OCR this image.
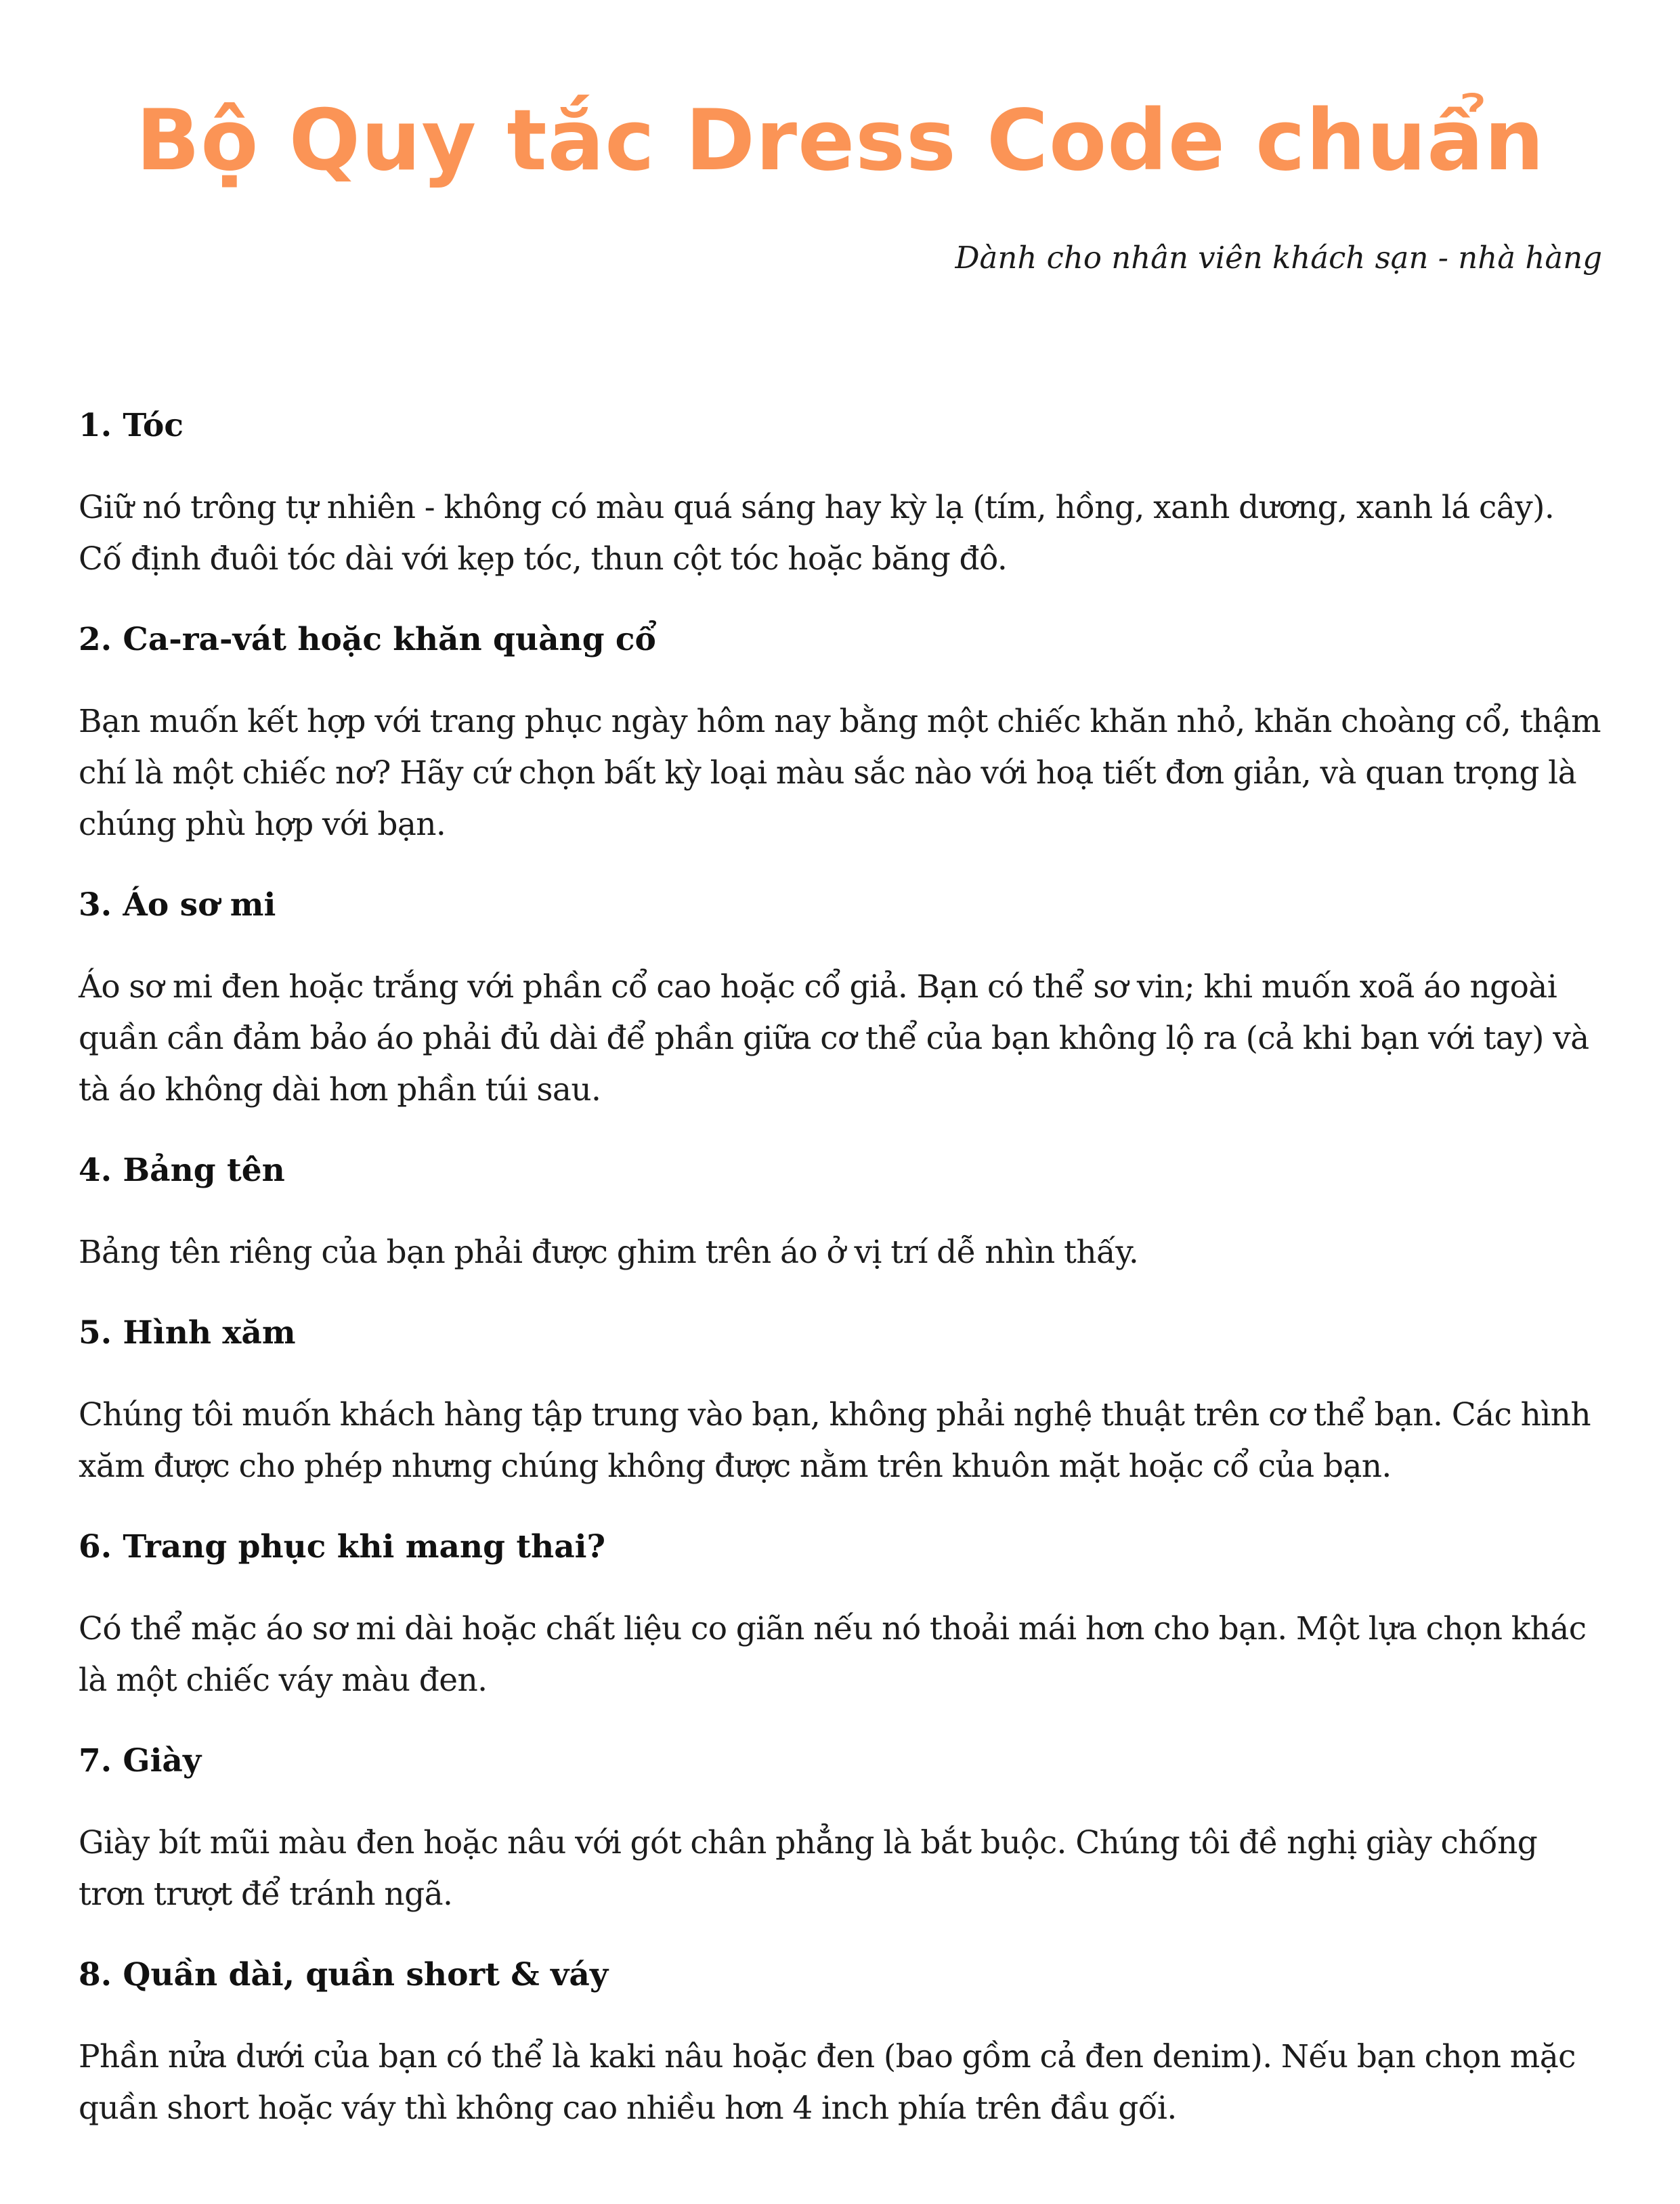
Bộ Quy tắc Dress Code chuẩn
Dành cho nhân viên khách sạn - nhà hàng
1. Tóc

Giữ nó trông tự nhiên - không có màu quá sáng hay kỳ lạ (tím, hồng, xanh dương, xanh lá cây). Cố định đuôi tóc dài với kẹp tóc, thun cột tóc hoặc băng đô.

2. Ca-ra-vát hoặc khăn quàng cổ

Bạn muốn kết hợp với trang phục ngày hôm nay bằng một chiếc khăn nhỏ, khăn choàng cổ, thậm chí là một chiếc nơ? Hãy cứ chọn bất kỳ loại màu sắc nào với hoạ tiết đơn giản, và quan trọng là chúng phù hợp với bạn.

3. Áo sơ mi

Áo sơ mi đen hoặc trắng với phần cổ cao hoặc cổ giả. Bạn có thể sơ vin; khi muốn xoã áo ngoài quần cần đảm bảo áo phải đủ dài để phần giữa cơ thể của bạn không lộ ra (cả khi bạn với tay) và tà áo không dài hơn phần túi sau.

4. Bảng tên

Bảng tên riêng của bạn phải được ghim trên áo ở vị trí dễ nhìn thấy.

5. Hình xăm

Chúng tôi muốn khách hàng tập trung vào bạn, không phải nghệ thuật trên cơ thể bạn. Các hình xăm được cho phép nhưng chúng không được nằm trên khuôn mặt hoặc cổ của bạn.

6. Trang phục khi mang thai?

Có thể mặc áo sơ mi dài hoặc chất liệu co giãn nếu nó thoải mái hơn cho bạn. Một lựa chọn khác là một chiếc váy màu đen.

7. Giày

Giày bít mũi màu đen hoặc nâu với gót chân phẳng là bắt buộc. Chúng tôi đề nghị giày chống trơn trượt để tránh ngã.

8. Quần dài, quần short & váy

Phần nửa dưới của bạn có thể là kaki nâu hoặc đen (bao gồm cả đen denim). Nếu bạn chọn mặc quần short hoặc váy thì không cao nhiều hơn 4 inch phía trên đầu gối.
